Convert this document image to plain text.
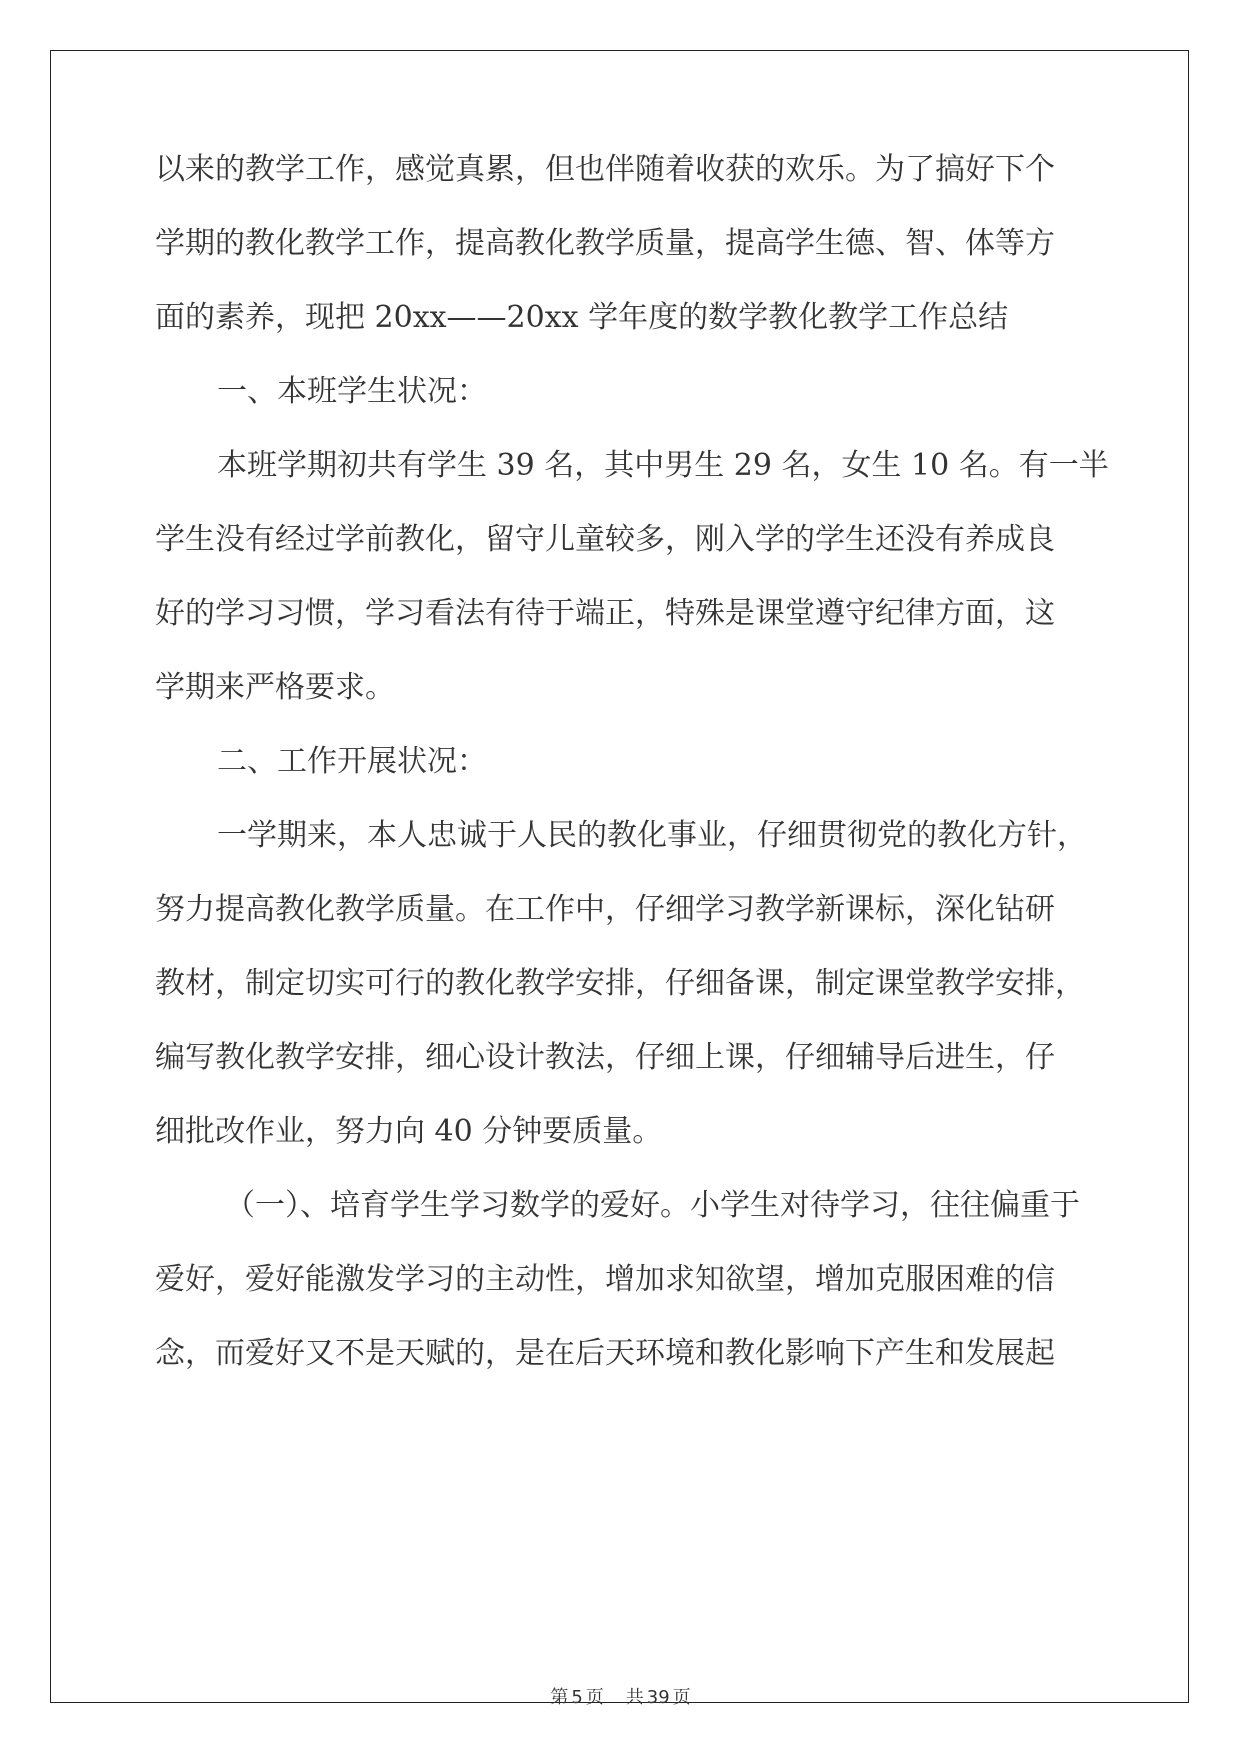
以来的教学工作，感觉真累，但也伴随着收获的欢乐。为了搞好下个
学期的教化教学工作，提高教化教学质量，提高学生德、智、体等方
面的素养，现把 20xx——20xx 学年度的数学教化教学工作总结
一、本班学生状况：
本班学期初共有学生 39 名，其中男生 29 名，女生 10 名。有一半
学生没有经过学前教化，留守儿童较多，刚入学的学生还没有养成良
好的学习习惯，学习看法有待于端正，特殊是课堂遵守纪律方面，这
学期来严格要求。
二、工作开展状况：
一学期来，本人忠诚于人民的教化事业，仔细贯彻党的教化方针，
努力提高教化教学质量。在工作中，仔细学习教学新课标，深化钻研
教材，制定切实可行的教化教学安排，仔细备课，制定课堂教学安排，
编写教化教学安排，细心设计教法，仔细上课，仔细辅导后进生，仔
细批改作业，努力向 40 分钟要质量。
（一）、培育学生学习数学的爱好。小学生对待学习，往往偏重于
爱好，爱好能激发学习的主动性，增加求知欲望，增加克服困难的信
念，而爱好又不是天赋的，是在后天环境和教化影响下产生和发展起
第 5 页 共 39 页
